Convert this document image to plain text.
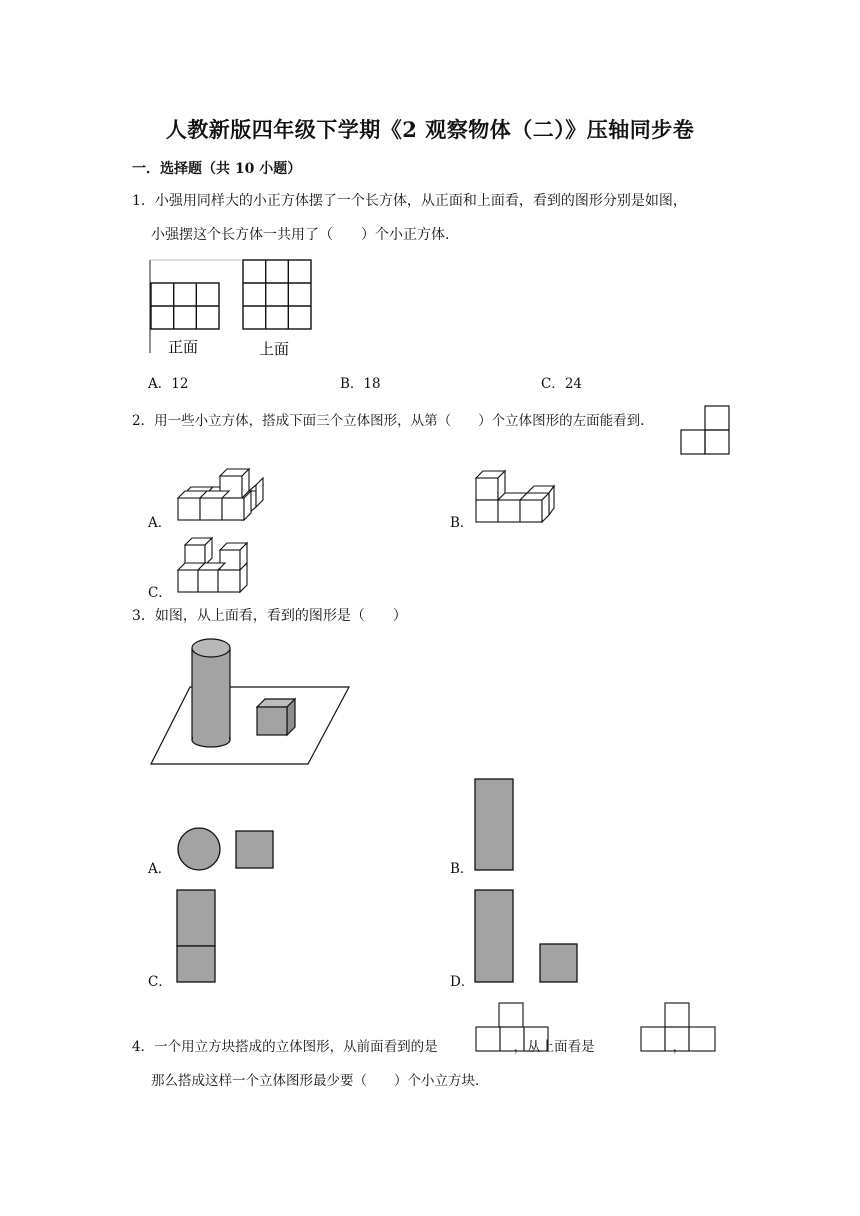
人教新版四年级下学期《2 观察物体（二）》压轴同步卷
一．选择题（共 10 小题）
1．小强用同样大的小正方体摆了一个长方体，从正面和上面看，看到的图形分别是如图，
小强摆这个长方体一共用了（　　）个小正方体.
正面	上面
A．12	B．18	C．24
2．用一些小立方体，搭成下面三个立体图形，从第（　　）个立体图形的左面能看到.
A．	B．
C．
3．如图，从上面看，看到的图形是（　　）
A．	B．
C．	D．
4．一个用立方块搭成的立体图形，从前面看到的是	，从上面看是	，
那么搭成这样一个立体图形最少要（　　）个小立方块.
